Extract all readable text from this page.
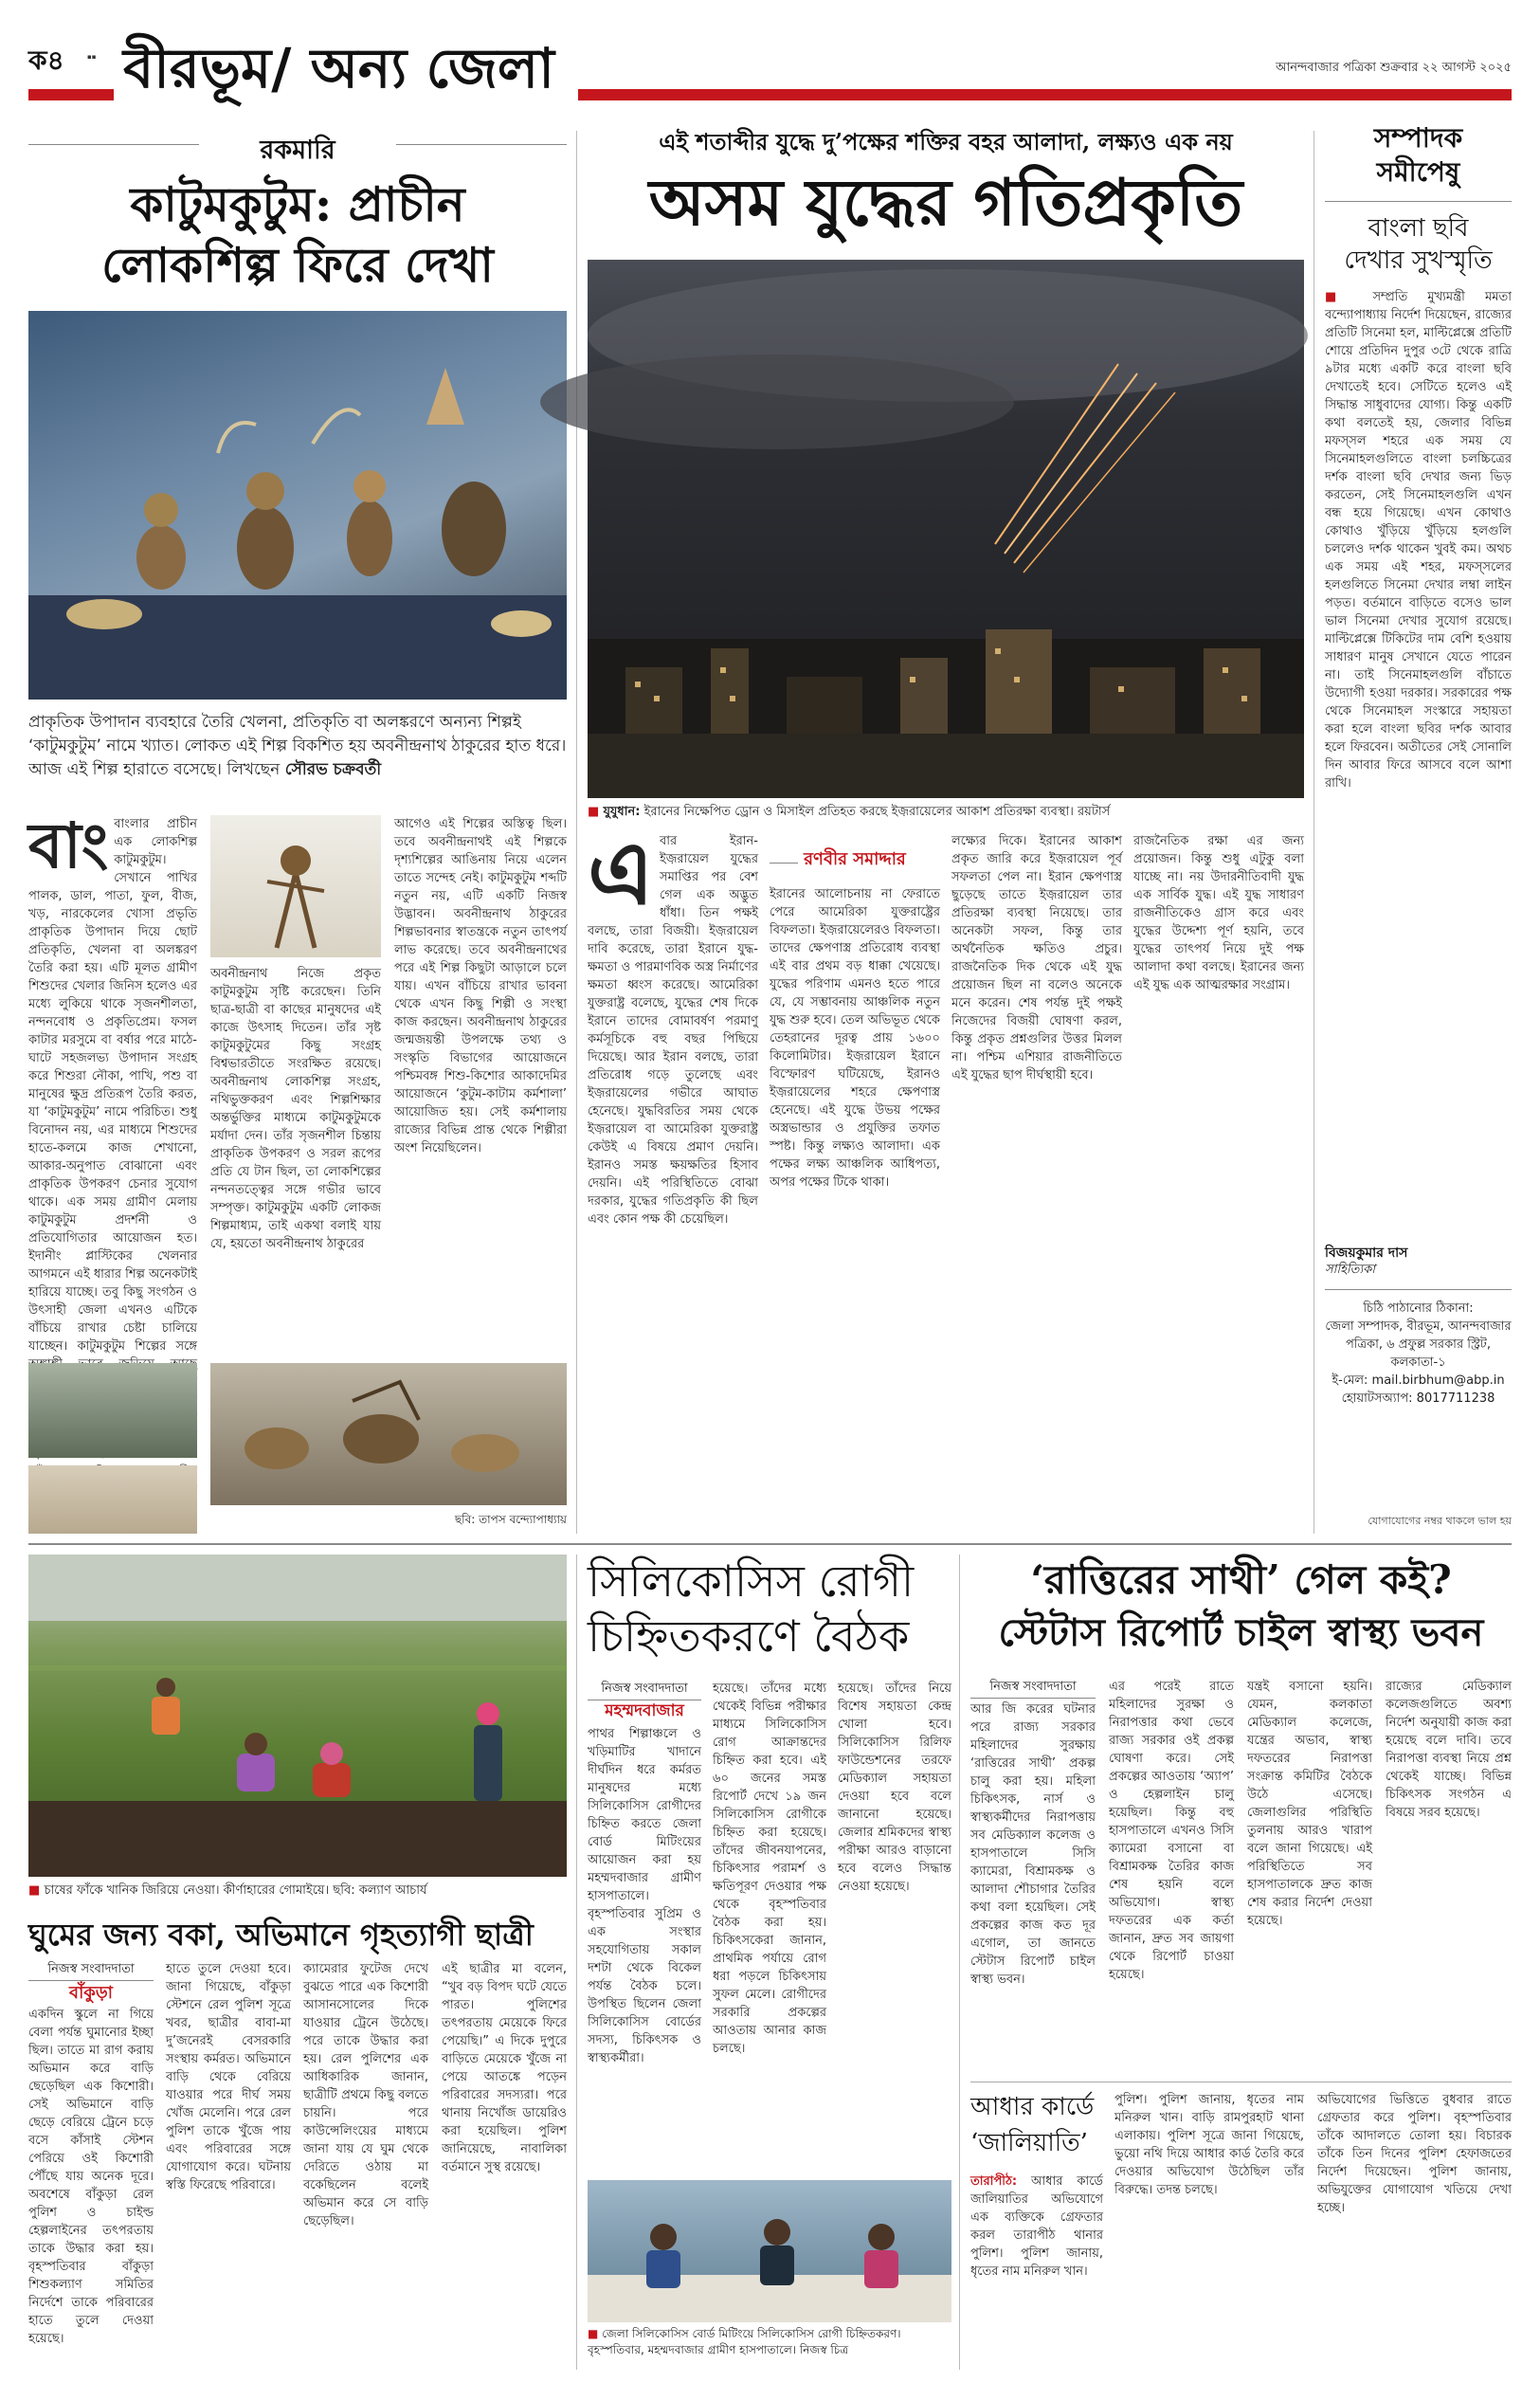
ক৪	▪▪ বীরভূম/ অন্য জেলা	আনন্দবাজার পত্রিকা শুক্রবার ২২ আগস্ট ২০২৫
রকমারি
কাটুমকুটুম: প্রাচীন
লোকশিল্প ফিরে দেখা
প্রাকৃতিক উপাদান ব্যবহারে তৈরি খেলনা, প্রতিকৃতি বা অলঙ্করণে অন্যন্য শিল্পই ‘কাটুমকুটুম’ নামে খ্যাত। লোকত এই শিল্প বিকশিত হয় অবনীন্দ্রনাথ ঠাকুরের হাত ধরে। আজ এই শিল্প হারাতে বসেছে। লিখছেন সৌরভ চক্রবর্তী
বাংবাংলার প্রাচীন এক লোকশিল্প কাটুমকুটুম। সেখানে পাখির পালক, ডাল, পাতা, ফুল, বীজ, খড়, নারকেলের খোসা প্রভৃতি প্রাকৃতিক উপাদান দিয়ে ছোট প্রতিকৃতি, খেলনা বা অলঙ্করণ তৈরি করা হয়। এটি মূলত গ্রামীণ শিশুদের খেলার জিনিস হলেও এর মধ্যে লুকিয়ে থাকে সৃজনশীলতা, নন্দনবোধ ও প্রকৃতিপ্রেম। ফসল কাটার মরসুমে বা বর্ষার পরে মাঠে-ঘাটে সহজলভ্য উপাদান সংগ্রহ করে শিশুরা নৌকা, পাখি, পশু বা মানুষের ক্ষুদ্র প্রতিরূপ তৈরি করত, যা ‘কাটুমকুটুম’ নামে পরিচিত। শুধু বিনোদন নয়, এর মাধ্যমে শিশুদের হাতে-কলমে কাজ শেখানো, আকার-অনুপাত বোঝানো এবং প্রাকৃতিক উপকরণ চেনার সুযোগ থাকে। এক সময় গ্রামীণ মেলায় কাটুমকুটুম প্রদর্শনী ও প্রতিযোগিতার আয়োজন হত। ইদানীং প্লাস্টিকের খেলনার আগমনে এই ধারার শিল্প অনেকটাই হারিয়ে যাচ্ছে। তবু কিছু সংগঠন ও উৎসাহী জেলা এখনও এটিকে বাঁচিয়ে রাখার চেষ্টা চালিয়ে যাচ্ছেন। কাটুমকুটুম শিল্পের সঙ্গে
অবনীন্দ্রনাথ নিজে প্রকৃত কাটুমকুটুম সৃষ্টি করেছেন। তিনি ছাত্র-ছাত্রী বা কাছের মানুষদের এই কাজে উৎসাহ দিতেন। তাঁর সৃষ্ট কাটুমকুটুমের কিছু সংগ্রহ বিশ্বভারতীতে সংরক্ষিত রয়েছে। অবনীন্দ্রনাথ লোকশিল্প সংগ্রহ, নথিভুক্তকরণ এবং শিল্পশিক্ষার অন্তর্ভুক্তির মাধ্যমে কাটুমকুটুমকে মর্যাদা দেন। তাঁর সৃজনশীল চিন্তায় প্রাকৃতিক উপকরণ ও সরল রূপের প্রতি যে টান ছিল, তা লোকশিল্পের নন্দনতত্ত্বের সঙ্গে গভীর ভাবে সম্পৃক্ত। কাটুমকুটুম একটি লোকজ শিল্পমাধ্যম, তাই একথা বলাই যায় যে, হয়তো অবনীন্দ্রনাথ ঠাকুরের
আগেও এই শিল্পের অস্তিত্ব ছিল। তবে অবনীন্দ্রনাথই এই শিল্পকে দৃশ্যশিল্পের আঙিনায় নিয়ে এলেন তাতে সন্দেহ নেই। কাটুমকুটুম শব্দটি নতুন নয়, এটি একটি নিজস্ব উদ্ভাবন। অবনীন্দ্রনাথ ঠাকুরের শিল্পভাবনার স্বাতন্ত্রকে নতুন তাৎপর্য লাভ করেছে। তবে অবনীন্দ্রনাথের পরে এই শিল্প কিছুটা আড়ালে চলে যায়। এখন বাঁচিয়ে রাখার ভাবনা থেকে এখন কিছু শিল্পী ও সংস্থা কাজ করছেন। অবনীন্দ্রনাথ ঠাকুরের জন্মজয়ন্তী উপলক্ষে তথ্য ও সংস্কৃতি বিভাগের আয়োজনে পশ্চিমবঙ্গ শিশু-কিশোর আকাদেমির আয়োজনে ‘কুটুম-কাটাম কর্মশালা’ আয়োজিত হয়। সেই কর্মশালায় রাজ্যের বিভিন্ন প্রান্ত থেকে শিল্পীরা অংশ নিয়েছিলেন।
ছবি: তাপস বন্দ্যোপাধ্যায়
এই শতাব্দীর যুদ্ধে দু’পক্ষের শক্তির বহর আলাদা, লক্ষ্যও এক নয়
অসম যুদ্ধের গতিপ্রকৃতি
■ যুযুধান: ইরানের নিক্ষেপিত ড্রোন ও মিসাইল প্রতিহত করছে ইজ়রায়েলের আকাশ প্রতিরক্ষা ব্যবস্থা। রয়টার্স
এবার ইরান-ইজ়রায়েল যুদ্ধের সমাপ্তির পর বেশ গেল এক অদ্ভুত ধাঁধা। তিন পক্ষই বলছে, তারা বিজয়ী। ইজ়রায়েল দাবি করেছে, তারা ইরানে যুদ্ধ-ক্ষমতা ও পারমাণবিক অস্ত্র নির্মাণের ক্ষমতা ধ্বংস করেছে। আমেরিকা যুক্তরাষ্ট্র বলেছে, যুদ্ধের শেষ দিকে ইরানে তাদের বোমাবর্ষণ পরমাণু কর্মসূচিকে বহু বছর পিছিয়ে দিয়েছে। আর ইরান বলছে, তারা প্রতিরোধ গড়ে তুলেছে এবং ইজ়রায়েলের গভীরে আঘাত হেনেছে। যুদ্ধবিরতির সময় থেকে ইজ়রায়েল বা আমেরিকা যুক্তরাষ্ট্র কেউই এ বিষয়ে প্রমাণ দেয়নি। ইরানও সমস্ত ক্ষয়ক্ষতির হিসাব দেয়নি। এই পরিস্থিতিতে বোঝা দরকার, যুদ্ধের গতিপ্রকৃতি কী ছিল এবং কোন পক্ষ কী চেয়েছিল।
রণবীর সমাদ্দার
ইরানের আলোচনায় না ফেরাতে পেরে আমেরিকা যুক্তরাষ্ট্রের বিফলতা। ইজ়রায়েলেরও বিফলতা। তাদের ক্ষেপণাস্ত্র প্রতিরোধ ব্যবস্থা এই বার প্রথম বড় ধাক্কা খেয়েছে। যুদ্ধের পরিণাম এমনও হতে পারে যে, যে সম্ভাবনায় আঞ্চলিক নতুন যুদ্ধ শুরু হবে। তেল অভিভূত থেকে তেহরানের দূরত্ব প্রায় ১৬০০ কিলোমিটার। ইজ়রায়েল ইরানে বিস্ফোরণ ঘটিয়েছে, ইরানও ইজ়রায়েলের শহরে ক্ষেপণাস্ত্র হেনেছে। এই যুদ্ধে উভয় পক্ষের অস্ত্রভান্ডার ও প্রযুক্তির তফাত স্পষ্ট। কিন্তু লক্ষ্যও আলাদা। এক পক্ষের লক্ষ্য আঞ্চলিক আধিপত্য, অপর পক্ষের টিকে থাকা।
লক্ষ্যের দিকে। ইরানের আকাশ প্রকৃত জারি করে ইজ়রায়েল পূর্ব সফলতা পেল না। ইরান ক্ষেপণাস্ত্র ছুড়েছে তাতে ইজ়রায়েল তার প্রতিরক্ষা ব্যবস্থা নিয়েছে। তার অনেকটা সফল, কিন্তু তার অর্থনৈতিক ক্ষতিও প্রচুর। রাজনৈতিক দিক থেকে এই যুদ্ধ প্রয়োজন ছিল না বলেও অনেকে মনে করেন। শেষ পর্যন্ত দুই পক্ষই নিজেদের বিজয়ী ঘোষণা করল, কিন্তু প্রকৃত প্রশ্নগুলির উত্তর মিলল না। পশ্চিম এশিয়ার রাজনীতিতে এই যুদ্ধের ছাপ দীর্ঘস্থায়ী হবে।
রাজনৈতিক রক্ষা এর জন্য প্রয়োজন। কিন্তু শুধু এটুকু বলা যাচ্ছে না। নয় উদারনীতিবাদী যুদ্ধ এক সার্বিক যুদ্ধ। এই যুদ্ধ সাধারণ রাজনীতিকেও গ্রাস করে এবং যুদ্ধের উদ্দেশ্য পূর্ণ হয়নি, তবে যুদ্ধের তাৎপর্য নিয়ে দুই পক্ষ আলাদা কথা বলছে। ইরানের জন্য এই যুদ্ধ এক আত্মরক্ষার সংগ্রাম।
সম্পাদক
সমীপেষু
বাংলা ছবি
দেখার সুখস্মৃতি
■ সম্প্রতি মুখ্যমন্ত্রী মমতা বন্দ্যোপাধ্যায় নির্দেশ দিয়েছেন, রাজ্যের প্রতিটি সিনেমা হল, মাল্টিপ্লেক্সে প্রতিটি শোয়ে প্রতিদিন দুপুর ৩টে থেকে রাত্রি ৯টার মধ্যে একটি করে বাংলা ছবি দেখাতেই হবে। সেটিতে হলেও এই সিদ্ধান্ত সাধুবাদের যোগ্য। কিন্তু একটি কথা বলতেই হয়, জেলার বিভিন্ন মফস্সল শহরে এক সময় যে সিনেমাহলগুলিতে বাংলা চলচ্চিত্রের দর্শক বাংলা ছবি দেখার জন্য ভিড় করতেন, সেই সিনেমাহলগুলি এখন বন্ধ হয়ে গিয়েছে। এখন কোথাও কোথাও খুঁড়িয়ে খুঁড়িয়ে হলগুলি চললেও দর্শক থাকেন খুবই কম। অথচ এক সময় এই শহর, মফস্সলের হলগুলিতে সিনেমা দেখার লম্বা লাইন পড়ত। বর্তমানে বাড়িতে বসেও ভাল ভাল সিনেমা দেখার সুযোগ রয়েছে। মাল্টিপ্লেক্সে টিকিটের দাম বেশি হওয়ায় সাধারণ মানুষ সেখানে যেতে পারেন না। তাই সিনেমাহলগুলি বাঁচাতে উদ্যোগী হওয়া দরকার। সরকারের পক্ষ থেকে সিনেমাহল সংস্কারে সহায়তা করা হলে বাংলা ছবির দর্শক আবার হলে ফিরবেন। অতীতের সেই সোনালি দিন আবার ফিরে আসবে বলে আশা রাখি।
বিজয়কুমার দাস
সাহিত্যিকা
চিঠি পাঠানোর ঠিকানা:
জেলা সম্পাদক, বীরভূম, আনন্দবাজার পত্রিকা, ৬ প্রফুল্ল সরকার স্ট্রিট, কলকাতা-১
ই-মেল: mail.birbhum@abp.in
হোয়াটসঅ্যাপ: 8017711238
যোগাযোগের নম্বর থাকলে ভাল হয়
■ চাষের ফাঁকে খানিক জিরিয়ে নেওয়া। কীর্ণাহারের গোমাইয়ে। ছবি: কল্যাণ আচার্য
ঘুমের জন্য বকা, অভিমানে গৃহত্যাগী ছাত্রী
নিজস্ব সংবাদদাতা
বাঁকুড়া
একদিন স্কুলে না গিয়ে বেলা পর্যন্ত ঘুমানোর ইচ্ছা ছিল। তাতে মা রাগ করায় অভিমান করে বাড়ি ছেড়েছিল এক কিশোরী। সেই অভিমানে বাড়ি ছেড়ে বেরিয়ে ট্রেনে চড়ে বসে কাঁসাই স্টেশন পেরিয়ে ওই কিশোরী পৌঁছে যায় অনেক দূরে। অবশেষে বাঁকুড়া রেল পুলিশ ও চাইল্ড হেল্পলাইনের তৎপরতায় তাকে উদ্ধার করা হয়। বৃহস্পতিবার বাঁকুড়া শিশুকল্যাণ সমিতির নির্দেশে তাকে পরিবারের হাতে তুলে দেওয়া হয়েছে।
হাতে তুলে দেওয়া হবে। জানা গিয়েছে, বাঁকুড়া স্টেশনে রেল পুলিশ সূত্রে খবর, ছাত্রীর বাবা-মা দু’জনেরই বেসরকারি সংস্থায় কর্মরত। অভিমানে বাড়ি থেকে বেরিয়ে যাওয়ার পরে দীর্ঘ সময় খোঁজ মেলেনি। পরে রেল পুলিশ তাকে খুঁজে পায় এবং পরিবারের সঙ্গে যোগাযোগ করে। ঘটনায় স্বস্তি ফিরেছে পরিবারে।
ক্যামেরার ফুটেজ দেখে বুঝতে পারে এক কিশোরী আসানসোলের দিকে যাওয়ার ট্রেনে উঠেছে। পরে তাকে উদ্ধার করা হয়। রেল পুলিশের এক আধিকারিক জানান, ছাত্রীটি প্রথমে কিছু বলতে চায়নি। পরে কাউন্সেলিংয়ের মাধ্যমে জানা যায় যে ঘুম থেকে দেরিতে ওঠায় মা বকেছিলেন বলেই অভিমান করে সে বাড়ি ছেড়েছিল।
এই ছাত্রীর মা বলেন, “খুব বড় বিপদ ঘটে যেতে পারত। পুলিশের তৎপরতায় মেয়েকে ফিরে পেয়েছি।” এ দিকে দুপুরে বাড়িতে মেয়েকে খুঁজে না পেয়ে আতঙ্কে পড়েন পরিবারের সদস্যরা। পরে থানায় নিখোঁজ ডায়েরিও করা হয়েছিল। পুলিশ জানিয়েছে, নাবালিকা বর্তমানে সুস্থ রয়েছে।
সিলিকোসিস রোগী
চিহ্নিতকরণে বৈঠক
নিজস্ব সংবাদদাতা
মহম্মদবাজার
পাথর শিল্পাঞ্চলে ও খড়িমাটির খাদানে দীর্ঘদিন ধরে কর্মরত মানুষদের মধ্যে সিলিকোসিস রোগীদের চিহ্নিত করতে জেলা বোর্ড মিটিংয়ের আয়োজন করা হয় মহম্মদবাজার গ্রামীণ হাসপাতালে। বৃহস্পতিবার সুপ্রিম ও এক সংস্থার সহযোগিতায় সকাল দশটা থেকে বিকেল পর্যন্ত বৈঠক চলে। উপস্থিত ছিলেন জেলা সিলিকোসিস বোর্ডের সদস্য, চিকিৎসক ও স্বাস্থ্যকর্মীরা।
হয়েছে। তাঁদের মধ্যে থেকেই বিভিন্ন পরীক্ষার মাধ্যমে সিলিকোসিস রোগ আক্রান্তদের চিহ্নিত করা হবে। এই ৬০ জনের সমস্ত রিপোর্ট দেখে ১৯ জন সিলিকোসিস রোগীকে চিহ্নিত করা হয়েছে। তাঁদের জীবনযাপনের, চিকিৎসার পরামর্শ ও ক্ষতিপূরণ দেওয়ার পক্ষ থেকে বৃহস্পতিবার বৈঠক করা হয়। চিকিৎসকেরা জানান, প্রাথমিক পর্যায়ে রোগ ধরা পড়লে চিকিৎসায় সুফল মেলে। রোগীদের সরকারি প্রকল্পের আওতায় আনার কাজ চলছে।
হয়েছে। তাঁদের নিয়ে বিশেষ সহায়তা কেন্দ্র খোলা হবে। সিলিকোসিস রিলিফ ফাউন্ডেশনের তরফে মেডিক্যাল সহায়তা দেওয়া হবে বলে জানানো হয়েছে। জেলার শ্রমিকদের স্বাস্থ্য পরীক্ষা আরও বাড়ানো হবে বলেও সিদ্ধান্ত নেওয়া হয়েছে।
■ জেলা সিলিকোসিস বোর্ড মিটিংয়ে সিলিকোসিস রোগী চিহ্নিতকরণ। বৃহস্পতিবার, মহম্মদবাজার গ্রামীণ হাসপাতালে। নিজস্ব চিত্র
‘রাত্তিরের সাথী’ গেল কই?
স্টেটাস রিপোর্ট চাইল স্বাস্থ্য ভবন
নিজস্ব সংবাদদাতা
আর জি করের ঘটনার পরে রাজ্য সরকার মহিলাদের সুরক্ষায় ‘রাত্তিরের সাথী’ প্রকল্প চালু করা হয়। মহিলা চিকিৎসক, নার্স ও স্বাস্থ্যকর্মীদের নিরাপত্তায় সব মেডিক্যাল কলেজ ও হাসপাতালে সিসি ক্যামেরা, বিশ্রামকক্ষ ও আলাদা শৌচাগার তৈরির কথা বলা হয়েছিল। সেই প্রকল্পের কাজ কত দূর এগোল, তা জানতে স্টেটাস রিপোর্ট চাইল স্বাস্থ্য ভবন।
এর পরেই রাতে মহিলাদের সুরক্ষা ও নিরাপত্তার কথা ভেবে রাজ্য সরকার ওই প্রকল্প ঘোষণা করে। সেই প্রকল্পের আওতায় ‘অ্যাপ’ ও হেল্পলাইন চালু হয়েছিল। কিন্তু বহু হাসপাতালে এখনও সিসি ক্যামেরা বসানো বা বিশ্রামকক্ষ তৈরির কাজ শেষ হয়নি বলে অভিযোগ। স্বাস্থ্য দফতরের এক কর্তা জানান, দ্রুত সব জায়গা থেকে রিপোর্ট চাওয়া হয়েছে।
যন্ত্রই বসানো হয়নি। যেমন, কলকাতা মেডিক্যাল কলেজে, যন্ত্রের অভাব, স্বাস্থ্য দফতরের নিরাপত্তা সংক্রান্ত কমিটির বৈঠকে উঠে এসেছে। জেলাগুলির পরিস্থিতি তুলনায় আরও খারাপ বলে জানা গিয়েছে। এই পরিস্থিতিতে সব হাসপাতালকে দ্রুত কাজ শেষ করার নির্দেশ দেওয়া হয়েছে।
রাজ্যের মেডিক্যাল কলেজগুলিতে অবশ্য নির্দেশ অনুযায়ী কাজ করা হয়েছে বলে দাবি। তবে নিরাপত্তা ব্যবস্থা নিয়ে প্রশ্ন থেকেই যাচ্ছে। বিভিন্ন চিকিৎসক সংগঠন এ বিষয়ে সরব হয়েছে।
আধার কার্ডে
‘জালিয়াতি’
তারাপীঠ: আধার কার্ডে জালিয়াতির অভিযোগে এক ব্যক্তিকে গ্রেফতার করল তারাপীঠ থানার পুলিশ। পুলিশ জানায়, ধৃতের নাম মনিরুল খান।
পুলিশ। পুলিশ জানায়, ধৃতের নাম মনিরুল খান। বাড়ি রামপুরহাট থানা এলাকায়। পুলিশ সূত্রে জানা গিয়েছে, ভুয়ো নথি দিয়ে আধার কার্ড তৈরি করে দেওয়ার অভিযোগ উঠেছিল তাঁর বিরুদ্ধে। তদন্ত চলছে।
অভিযোগের ভিত্তিতে বুধবার রাতে গ্রেফতার করে পুলিশ। বৃহস্পতিবার তাঁকে আদালতে তোলা হয়। বিচারক তাঁকে তিন দিনের পুলিশ হেফাজতের নির্দেশ দিয়েছেন। পুলিশ জানায়, অভিযুক্তের যোগাযোগ খতিয়ে দেখা হচ্ছে।
